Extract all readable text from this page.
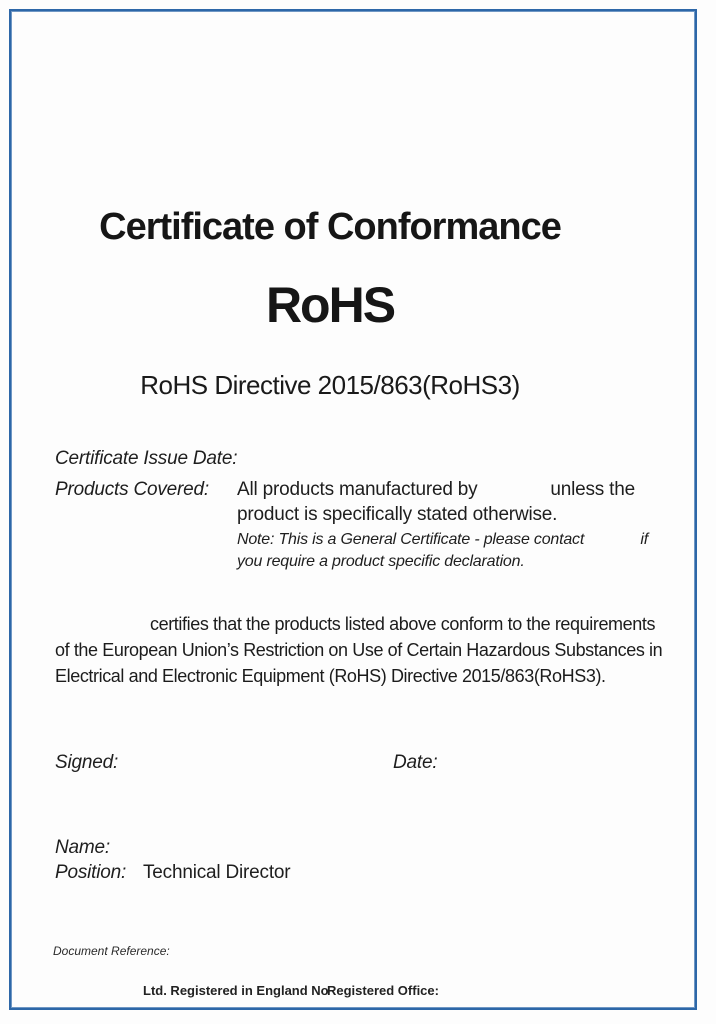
Certificate of Conformance
RoHS
RoHS Directive 2015/863(RoHS3)
Certificate Issue Date:
Products Covered: All products manufactured by	unless the
product is specifically stated otherwise.
Note: This is a General Certificate - please contact	if
you require a product specific declaration.
certifies that the products listed above conform to the requirements
of the European Union’s Restriction on Use of Certain Hazardous Substances in
Electrical and Electronic Equipment (RoHS) Directive 2015/863(RoHS3).
Signed:	Date:
Name:
Position: Technical Director
Document Reference:
Ltd. Registered in England No
Registered Office:
